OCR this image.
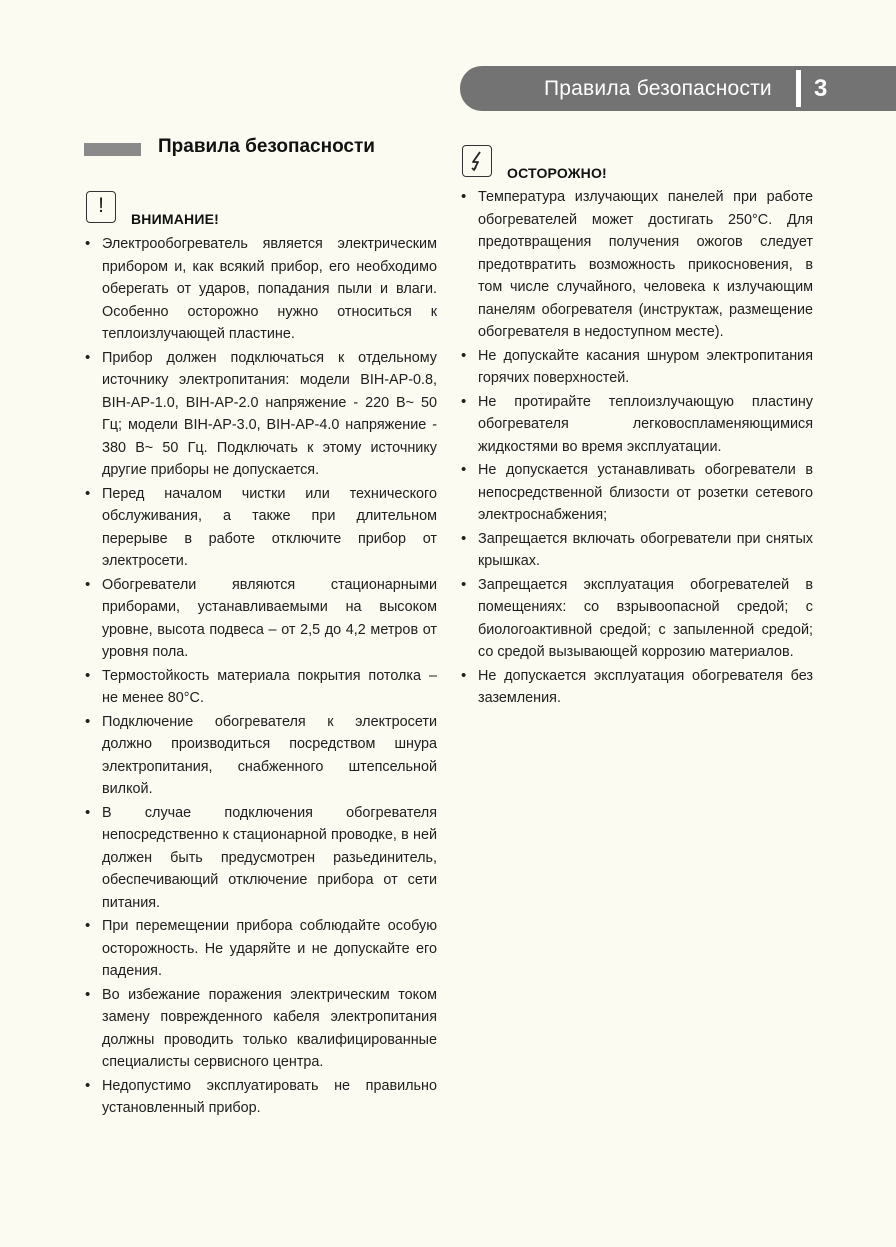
Правила безопасности 3
Правила безопасности
!
ВНИМАНИЕ!
• Электрообогреватель является электрическим прибором и, как всякий прибор, его необходимо оберегать от ударов, попадания пыли и влаги. Особенно осторожно нужно относиться к теплоизлучающей пластине.
• Прибор должен подключаться к отдельному источнику электропитания: модели BIH-AP-0.8, BIH-AP-1.0, BIH-AP-2.0 напряжение - 220 В~ 50 Гц; модели BIH-AP-3.0, BIH-AP-4.0 напряжение - 380 В~ 50 Гц. Подключать к этому источнику другие приборы не допускается.
• Перед началом чистки или технического обслуживания, а также при длительном перерыве в работе отключите прибор от электросети.
• Обогреватели являются стационарными приборами, устанавливаемыми на высоком уровне, высота подвеса – от 2,5 до 4,2 метров от уровня пола.
• Термостойкость материала покрытия потолка – не менее 80°С.
• Подключение обогревателя к электросети должно производиться посредством шнура электропитания, снабженного штепсельной вилкой.
• В случае подключения обогревателя непосредственно к стационарной проводке, в ней должен быть предусмотрен разьединитель, обеспечивающий отключение прибора от сети питания.
• При перемещении прибора соблюдайте особую осторожность. Не ударяйте и не допускайте его падения.
• Во избежание поражения электрическим током замену поврежденного кабеля электропитания должны проводить только квалифицированные специалисты сервисного центра.
• Недопустимо эксплуатировать не правильно установленный прибор.
ОСТОРОЖНО!
• Температура излучающих панелей при работе обогревателей может достигать 250°С. Для предотвращения получения ожогов следует предотвратить возможность прикосновения, в том числе случайного, человека к излучающим панелям обогревателя (инструктаж, размещение обогревателя в недоступном месте).
• Не допускайте касания шнуром электропитания горячих поверхностей.
• Не протирайте теплоизлучающую пластину обогревателя легковоспламеняющимися жидкостями во время эксплуатации.
• Не допускается устанавливать обогреватели в непосредственной близости от розетки сетевого электроснабжения;
• Запрещается включать обогреватели при снятых крышках.
• Запрещается эксплуатация обогревателей в помещениях: со взрывоопасной средой; с биологоактивной средой; с запыленной средой; со средой вызывающей коррозию материалов.
• Не допускается эксплуатация обогревателя без заземления.
